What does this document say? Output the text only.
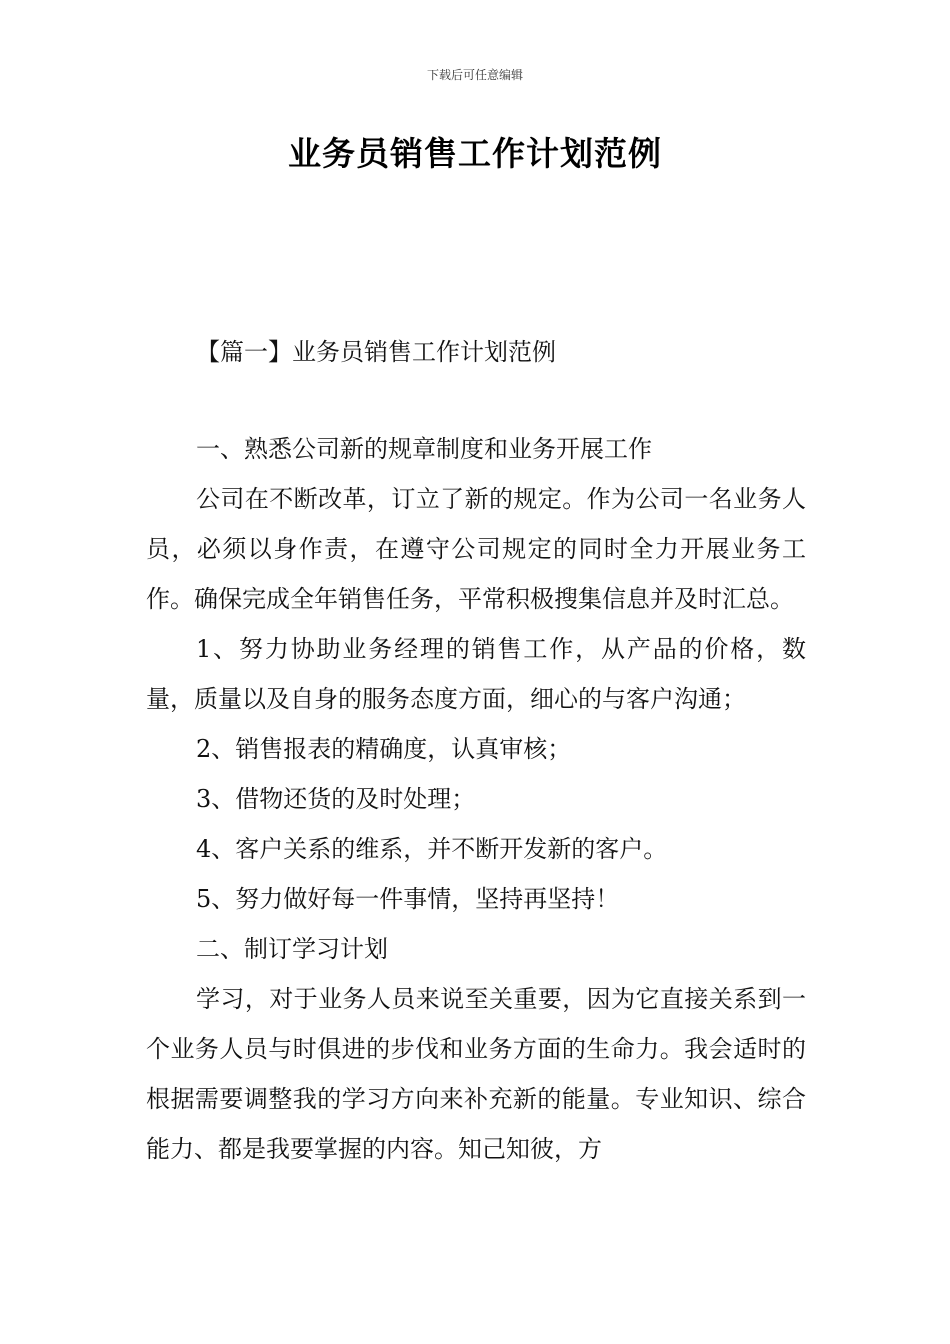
下载后可任意编辑
业务员销售工作计划范例
【篇一】业务员销售工作计划范例

一、熟悉公司新的规章制度和业务开展工作

公司在不断改革，订立了新的规定。作为公司一名业务人员，必须以身作责，在遵守公司规定的同时全力开展业务工作。确保完成全年销售任务，平常积极搜集信息并及时汇总。

1、努力协助业务经理的销售工作，从产品的价格，数量，质量以及自身的服务态度方面，细心的与客户沟通；

2、销售报表的精确度，认真审核；

3、借物还货的及时处理；

4、客户关系的维系，并不断开发新的客户。

5、努力做好每一件事情，坚持再坚持！

二、制订学习计划

学习，对于业务人员来说至关重要，因为它直接关系到一个业务人员与时俱进的步伐和业务方面的生命力。我会适时的根据需要调整我的学习方向来补充新的能量。专业知识、综合能力、都是我要掌握的内容。知己知彼，方
